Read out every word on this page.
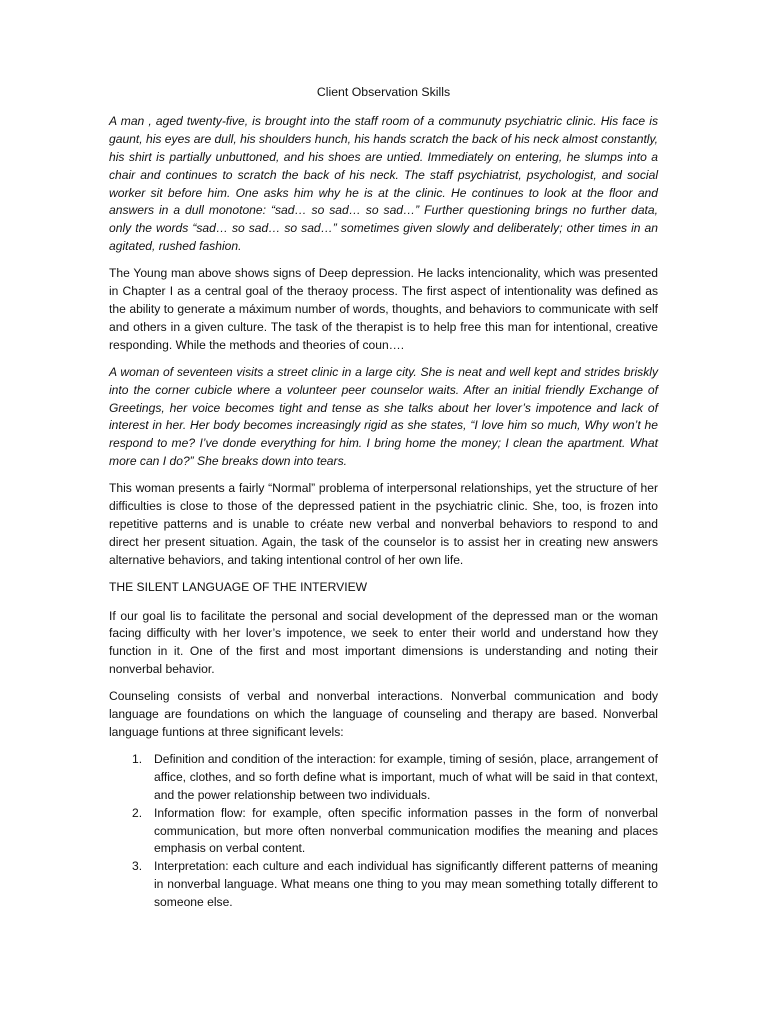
Client Observation Skills

A man , aged twenty-five, is brought into the staff room of a communuty psychiatric clinic. His face is gaunt, his eyes are dull, his shoulders hunch, his hands scratch the back of his neck almost constantly, his shirt is partially unbuttoned, and his shoes are untied. Immediately on entering, he slumps into a chair and continues to scratch the back of his neck. The staff psychiatrist, psychologist, and social worker sit before him. One asks him why he is at the clinic. He continues to look at the floor and answers in a dull monotone: “sad… so sad… so sad…” Further questioning brings no further data, only the words “sad… so sad… so sad…” sometimes given slowly and deliberately; other times in an agitated, rushed fashion.

The Young man above shows signs of Deep depression. He lacks intencionality, which was presented in Chapter I as a central goal of the theraoy process. The first aspect of intentionality was defined as the ability to generate a máximum number of words, thoughts, and behaviors to communicate with self and others in a given culture. The task of the therapist is to help free this man for intentional, creative responding. While the methods and theories of coun….

A woman of seventeen visits a street clinic in a large city. She is neat and well kept and strides briskly into the corner cubicle where a volunteer peer counselor waits. After an initial friendly Exchange of Greetings, her voice becomes tight and tense as she talks about her lover’s impotence and lack of interest in her. Her body becomes increasingly rigid as she states, “I love him so much, Why won’t he respond to me? I’ve donde everything for him. I bring home the money; I clean the apartment. What more can I do?” She breaks down into tears.

This woman presents a fairly “Normal” problema of interpersonal relationships, yet the structure of her difficulties is close to those of the depressed patient in the psychiatric clinic. She, too, is frozen into repetitive patterns and is unable to créate new verbal and nonverbal behaviors to respond to and direct her present situation. Again, the task of the counselor is to assist her in creating new answers alternative behaviors, and taking intentional control of her own life.

THE SILENT LANGUAGE OF THE INTERVIEW

If our goal lis to facilitate the personal and social development of the depressed man or the woman facing difficulty with her lover’s impotence, we seek to enter their world and understand how they function in it. One of the first and most important dimensions is understanding and noting their nonverbal behavior.

Counseling consists of verbal and nonverbal interactions. Nonverbal communication and body language are foundations on which the language of counseling and therapy are based. Nonverbal language funtions at three significant levels:

1. Definition and condition of the interaction: for example, timing of sesión, place, arrangement of affice, clothes, and so forth define what is important, much of what will be said in that context, and the power relationship between two individuals.
2. Information flow: for example, often specific information passes in the form of nonverbal communication, but more often nonverbal communication modifies the meaning and places emphasis on verbal content.
3. Interpretation: each culture and each individual has significantly different patterns of meaning in nonverbal language. What means one thing to you may mean something totally different to someone else.
